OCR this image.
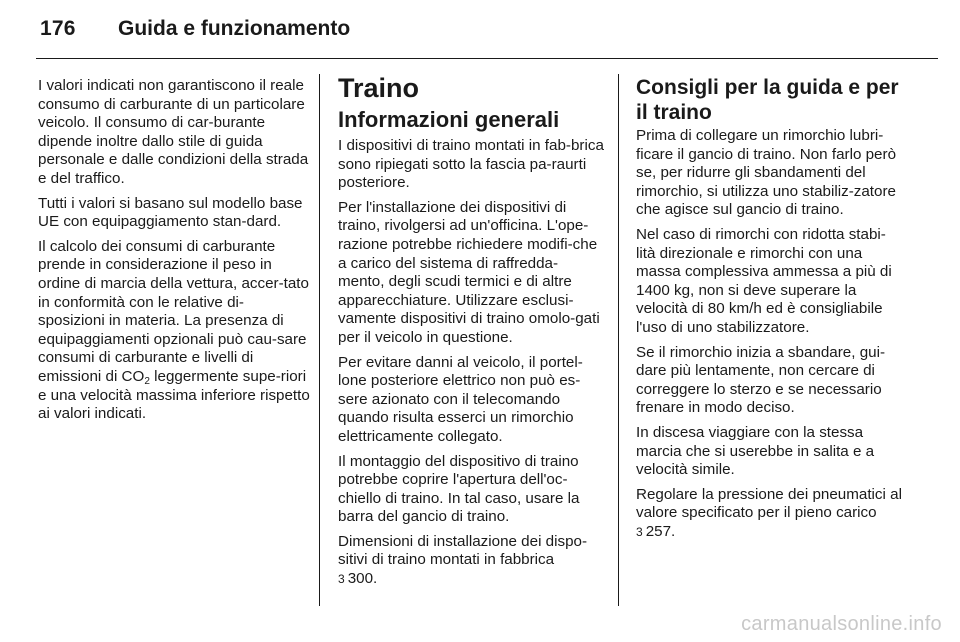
176 Guida e funzionamento

I valori indicati non garantiscono il reale consumo di carburante di un particolare veicolo. Il consumo di car-burante dipende inoltre dallo stile di guida personale e dalle condizioni della strada e del traffico.

Tutti i valori si basano sul modello base UE con equipaggiamento stan-dard.

Il calcolo dei consumi di carburante prende in considerazione il peso in ordine di marcia della vettura, accer-tato in conformità con le relative di-sposizioni in materia. La presenza di equipaggiamenti opzionali può cau-sare consumi di carburante e livelli di emissioni di $CO_2$ leggermente supe-riori e una velocità massima inferiore rispetto ai valori indicati.

Traino
Informazioni generali

I dispositivi di traino montati in fab-brica sono ripiegati sotto la fascia pa-raurti posteriore.

Per l'installazione dei dispositivi di traino, rivolgersi ad un'officina. L'ope-razione potrebbe richiedere modifi-che a carico del sistema di raffredda-mento, degli scudi termici e di altre apparecchiature. Utilizzare esclusi-vamente dispositivi di traino omolo-gati per il veicolo in questione.

Per evitare danni al veicolo, il portel-lone posteriore elettrico non può es-sere azionato con il telecomando quando risulta esserci un rimorchio elettricamente collegato.

Il montaggio del dispositivo di traino potrebbe coprire l'apertura dell'oc-chiello di traino. In tal caso, usare la barra del gancio di traino.

Dimensioni di installazione dei dispo-sitivi di traino montati in fabbrica
3 300.

Consigli per la guida e per il traino

Prima di collegare un rimorchio lubri-ficare il gancio di traino. Non farlo però se, per ridurre gli sbandamenti del rimorchio, si utilizza uno stabiliz-zatore che agisce sul gancio di traino.

Nel caso di rimorchi con ridotta stabi-lità direzionale e rimorchi con una massa complessiva ammessa a più di 1400 kg, non si deve superare la velocità di 80 km/h ed è consigliabile l'uso di uno stabilizzatore.

Se il rimorchio inizia a sbandare, gui-dare più lentamente, non cercare di correggere lo sterzo e se necessario frenare in modo deciso.

In discesa viaggiare con la stessa marcia che si userebbe in salita e a velocità simile.

Regolare la pressione dei pneumatici al valore specificato per il pieno carico
3 257.

carmanualsonline.info
